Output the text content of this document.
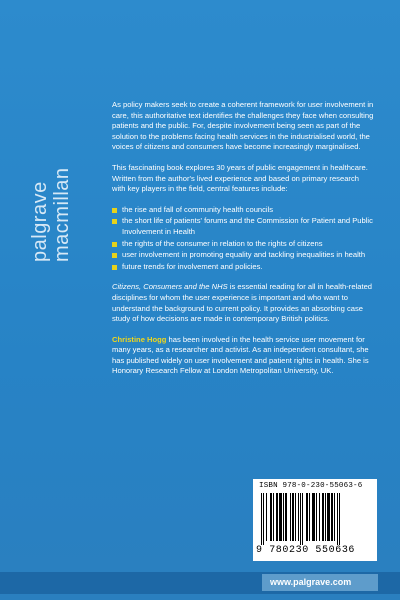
palgrave macmillan

As policy makers seek to create a coherent framework for user involvement in care, this authoritative text identifies the challenges they face when consulting patients and the public. For, despite involvement being seen as part of the solution to the problems facing health services in the industrialised world, the voices of citizens and consumers have become increasingly marginalised.

This fascinating book explores 30 years of public engagement in healthcare. Written from the author's lived experience and based on primary research with key players in the field, central features include:

the rise and fall of community health councils
the short life of patients' forums and the Commission for Patient and Public Involvement in Health
the rights of the consumer in relation to the rights of citizens
user involvement in promoting equality and tackling inequalities in health
future trends for involvement and policies.

Citizens, Consumers and the NHS is essential reading for all in health-related disciplines for whom the user experience is important and who want to understand the background to current policy. It provides an absorbing case study of how decisions are made in contemporary British politics.

Christine Hogg has been involved in the health service user movement for many years, as a researcher and activist. As an independent consultant, she has published widely on user involvement and patient rights in health. She is Honorary Research Fellow at London Metropolitan University, UK.

ISBN 978-0-230-55063-6
9 780230 550636
www.palgrave.com
